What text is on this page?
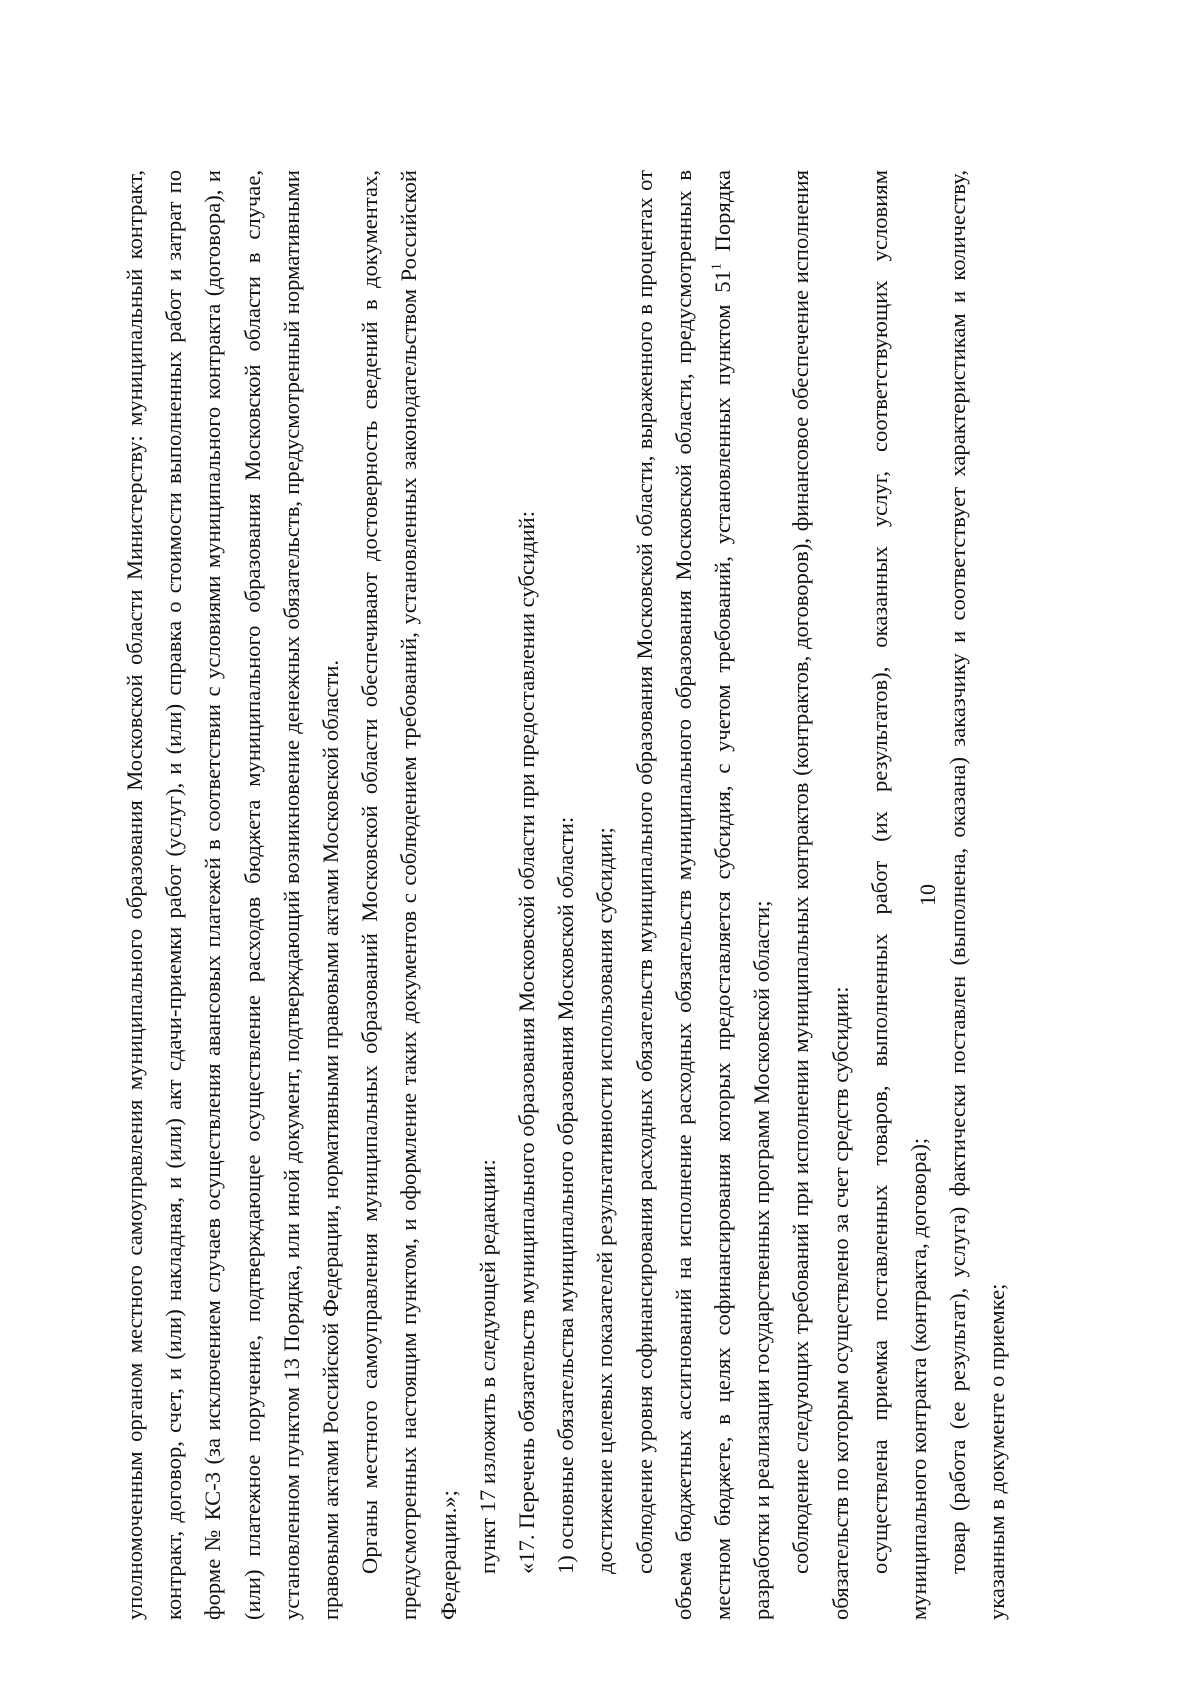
10

уполномоченным органом местного самоуправления муниципального образования Московской области Министерству: муниципальный контракт, контракт, договор, счет, и (или) накладная, и (или) акт сдачи-приемки работ (услуг), и (или) справка о стоимости выполненных работ и затрат по форме № КС-3 (за исключением случаев осуществления авансовых платежей в соответствии с условиями муниципального контракта (договора), и (или) платежное поручение, подтверждающее осуществление расходов бюджета муниципального образования Московской области в случае, установленном пунктом 13 Порядка, или иной документ, подтверждающий возникновение денежных обязательств, предусмотренный нормативными правовыми актами Российской Федерации, нормативными правовыми актами Московской области. Органы местного самоуправления муниципальных образований Московской области обеспечивают достоверность сведений в документах, предусмотренных настоящим пунктом, и оформление таких документов с соблюдением требований, установленных законодательством Российской Федерации.»; пункт 17 изложить в следующей редакции: «17. Перечень обязательств муниципального образования Московской области при предоставлении субсидий: 1) основные обязательства муниципального образования Московской области: достижение целевых показателей результативности использования субсидии; соблюдение уровня софинансирования расходных обязательств муниципального образования Московской области, выраженного в процентах от объема бюджетных ассигнований на исполнение расходных обязательств муниципального образования Московской области, предусмотренных в местном бюджете, в целях софинансирования которых предоставляется субсидия, с учетом требований, установленных пунктом $51^1$ Порядка разработки и реализации государственных программ Московской области; соблюдение следующих требований при исполнении муниципальных контрактов (контрактов, договоров), финансовое обеспечение исполнения обязательств по которым осуществлено за счет средств субсидии: осуществлена приемка поставленных товаров, выполненных работ (их результатов), оказанных услуг, соответствующих условиям муниципального контракта (контракта, договора); товар (работа (ее результат), услуга) фактически поставлен (выполнена, оказана) заказчику и соответствует характеристикам и количеству, указанным в документе о приемке;
